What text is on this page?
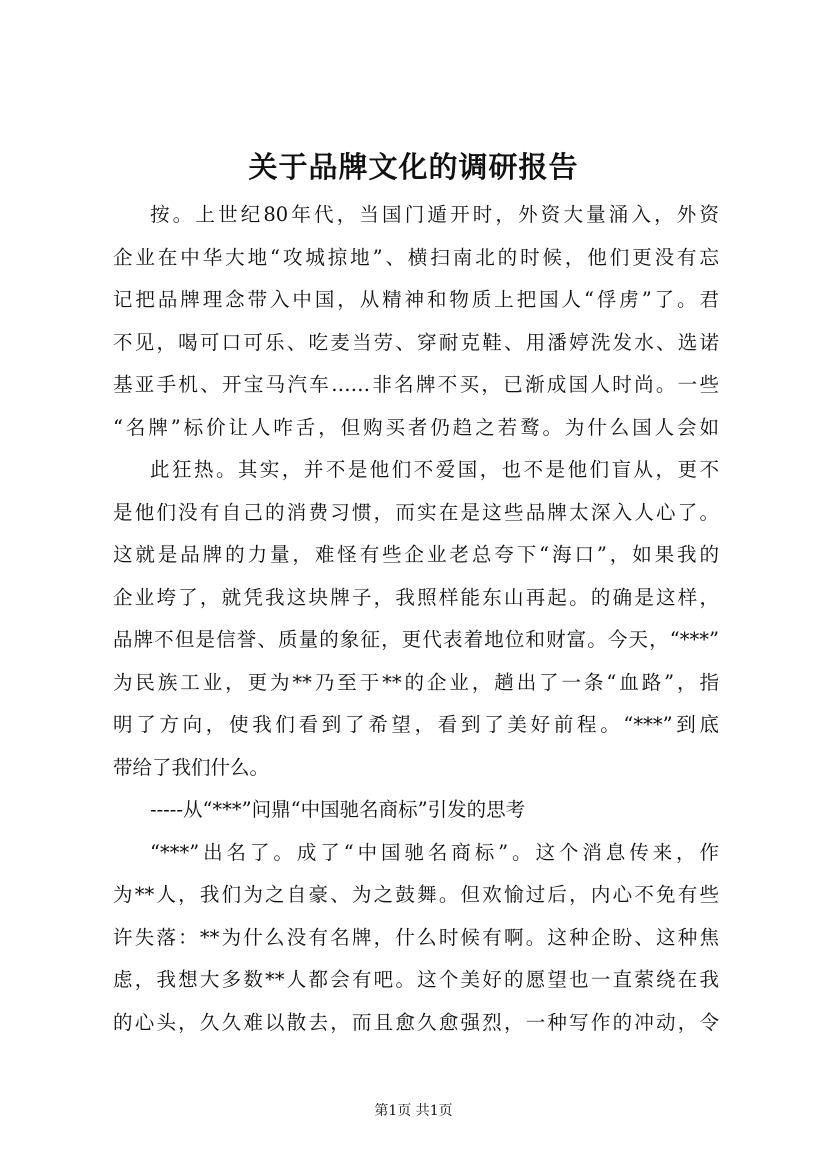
关于品牌文化的调研报告
按。上世纪80年代，当国门遁开时，外资大量涌入，外资
企业在中华大地“攻城掠地”、横扫南北的时候，他们更没有忘
记把品牌理念带入中国，从精神和物质上把国人“俘虏”了。君
不见，喝可口可乐、吃麦当劳、穿耐克鞋、用潘婷洗发水、选诺
基亚手机、开宝马汽车……非名牌不买，已渐成国人时尚。一些
“名牌”标价让人咋舌，但购买者仍趋之若鹜。为什么国人会如
此狂热。其实，并不是他们不爱国，也不是他们盲从，更不
是他们没有自己的消费习惯，而实在是这些品牌太深入人心了。
这就是品牌的力量，难怪有些企业老总夸下“海口”，如果我的
企业垮了，就凭我这块牌子，我照样能东山再起。的确是这样，
品牌不但是信誉、质量的象征，更代表着地位和财富。今天，“***”
为民族工业，更为**乃至于**的企业，趟出了一条“血路”，指
明了方向，使我们看到了希望，看到了美好前程。“***”到底
带给了我们什么。
-----从“***”问鼎“中国驰名商标”引发的思考
“***”出名了。成了“中国驰名商标”。这个消息传来，作
为**人，我们为之自豪、为之鼓舞。但欢愉过后，内心不免有些
许失落：**为什么没有名牌，什么时候有啊。这种企盼、这种焦
虑，我想大多数**人都会有吧。这个美好的愿望也一直萦绕在我
的心头，久久难以散去，而且愈久愈强烈，一种写作的冲动，令
第1页 共1页
